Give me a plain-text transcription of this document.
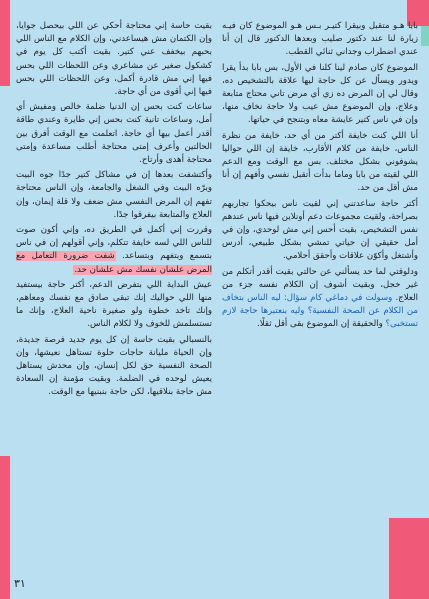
بابا هـو متقبل وبيقرا كتيـر بـس هـو الموضوع كان فيـه زيارة لنا عند دكتور صليب وبعدها الدكتور قال إن أنا عندي اضطراب وجداني ثنائي القطب.

الموضوع كان صادم لينا كلنا في الأول، بس بابا بدأ يقرا ويدور ويسأل عن كل حاجة ليها علاقة بالتشخيص ده، وقال لي إن المرض ده زي أي مرض تاني محتاج متابعة وعلاج، وإن الموضوع مش عيب ولا حاجة نخاف منها، وإن في ناس كتير عايشة معاه وبتنجح في حياتها.

أنا اللي كنت خايفة أكتر من أي حد، خايفة من نظرة الناس، خايفة من كلام الأقارب، خايفة إن اللي حواليا يشوفوني بشكل مختلف. بس مع الوقت ومع الدعم اللي لقيته من بابا وماما بدأت أتقبل نفسي وأفهم إن أنا مش أقل من حد.

أكتر حاجة ساعدتني إني لقيت ناس بيحكوا تجاربهم بصراحة، ولقيت مجموعات دعم أونلاين فيها ناس عندهم نفس التشخيص، بقيت أحس إني مش لوحدي، وإن في أمل حقيقي إن حياتي تمشي بشكل طبيعي، أدرس وأشتغل وأكوّن علاقات وأحقق أحلامي.

ودلوقتي لما حد يسألني عن حالتي بقيت أقدر أتكلم من غير خجل، وبقيت أشوف إن الكلام نفسه جزء من العلاج. وسولت في دماغي كام سؤال: ليه الناس بتخاف من الكلام عن الصحة النفسية؟ وليه بنعتبرها حاجة لازم تستخبى؟ والحقيقة إن الموضوع بقى أقل ثقلًا.

بقيت حاسة إني محتاجة أحكي عن اللي بيحصل جوايا، وإن الكتمان مش هيساعدني، وإن الكلام مع الناس اللي بحبهم بيخفف عني كتير. بقيت أكتب كل يوم في كشكول صغير عن مشاعري وعن اللحظات اللي بحس فيها إني مش قادرة أكمل، وعن اللحظات اللي بحس فيها إني أقوى من أي حاجة.

ساعات كنت بحس إن الدنيا ضلمة خالص ومفيش أي أمل، وساعات تانية كنت بحس إني طايرة وعندي طاقة أقدر أعمل بيها أي حاجة. اتعلمت مع الوقت أفرق بين الحالتين وأعرف إمتى محتاجة أطلب مساعدة وإمتى محتاجة أهدى وأرتاح.

وأكتشفت بعدها إن في مشاكل كتير جدًا جوه البيت وبرّه البيت وفي الشغل والجامعة، وإن الناس محتاجة تفهم إن المرض النفسي مش ضعف ولا قلة إيمان، وإن العلاج والمتابعة بيفرقوا جدًا.

وقررت إني أكمل في الطريق ده، وإني أكون صوت للناس اللي لسه خايفة تتكلم، وإني أقولهم إن في ناس بتسمع وبتفهم وبتساعد. شفت ضرورة التعامل مع المرض علشان نفسك مش علشان حد.

عيش البداية اللي بتفرض الدعم، أكتر حاجة بيستفيد منها اللي حواليك إنك تبقى صادق مع نفسك ومعاهم، وإنك تاخد خطوة ولو صغيرة ناحية العلاج، وإنك ما تستسلمش للخوف ولا لكلام الناس.

بالنسبالي بقيت حاسة إن كل يوم جديد فرصة جديدة، وإن الحياة مليانة حاجات حلوة تستاهل نعيشها، وإن الصحة النفسية حق لكل إنسان، وإن محدش يستاهل يعيش لوحده في الضلمة. وبقيت مؤمنة إن السعادة مش حاجة بنلاقيها، لكن حاجة بنبنيها مع الوقت.

٣١
